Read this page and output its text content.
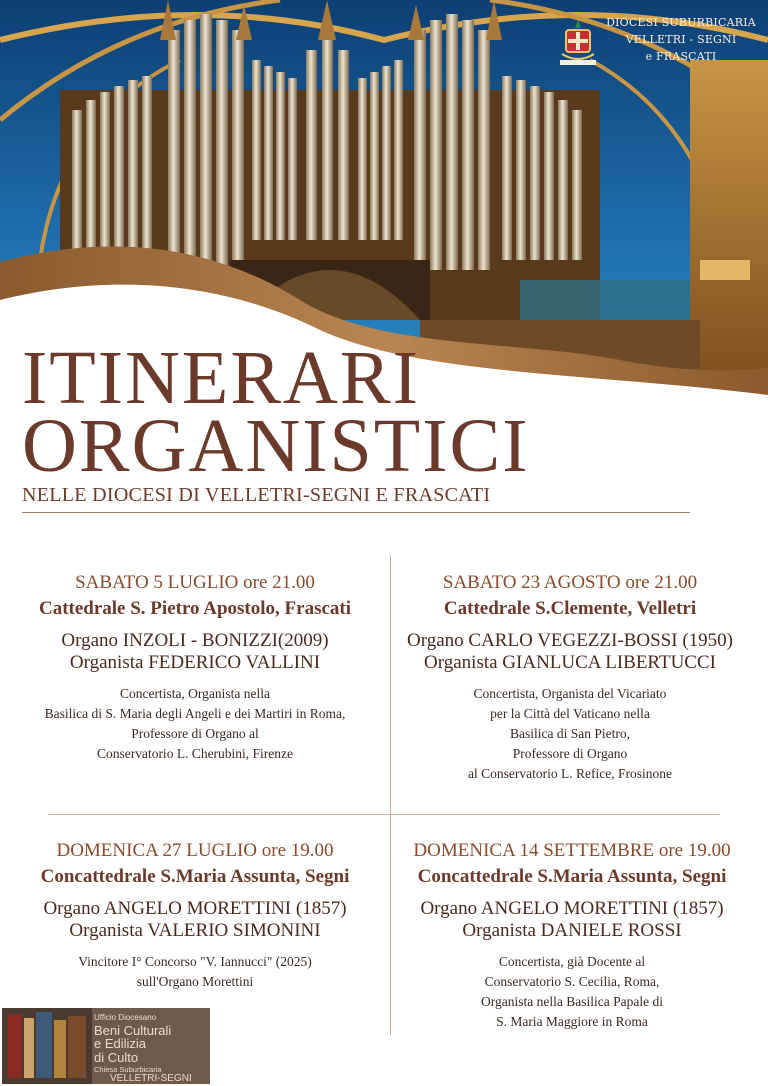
DIOCESI SUBURBICARIA
VELLETRI - SEGNI
e FRASCATI
ITINERARI
ORGANISTICI
NELLE DIOCESI DI VELLETRI-SEGNI E FRASCATI
SABATO 5 LUGLIO ore 21.00
Cattedrale S. Pietro Apostolo, Frascati
Organo INZOLI - BONIZZI(2009)
Organista FEDERICO VALLINI
Concertista, Organista nella
Basilica di S. Maria degli Angeli e dei Martiri in Roma,
Professore di Organo al
Conservatorio L. Cherubini, Firenze
SABATO 23 AGOSTO ore 21.00
Cattedrale S.Clemente, Velletri
Organo CARLO VEGEZZI-BOSSI (1950)
Organista GIANLUCA LIBERTUCCI
Concertista, Organista del Vicariato
per la Città del Vaticano nella
Basilica di San Pietro,
Professore di Organo
al Conservatorio L. Refice, Frosinone
DOMENICA 27 LUGLIO ore 19.00
Concattedrale S.Maria Assunta, Segni
Organo ANGELO MORETTINI (1857)
Organista VALERIO SIMONINI
Vincitore I° Concorso "V. Iannucci" (2025)
sull'Organo Morettini
DOMENICA 14 SETTEMBRE ore 19.00
Concattedrale S.Maria Assunta, Segni
Organo ANGELO MORETTINI (1857)
Organista DANIELE ROSSI
Concertista, già Docente al
Conservatorio S. Cecilia, Roma,
Organista nella Basilica Papale di
S. Maria Maggiore in Roma
Ufficio Diocesano
Beni Culturali
e Edilizia
di Culto
Chiesa Suburbicaria
VELLETRI-SEGNI
